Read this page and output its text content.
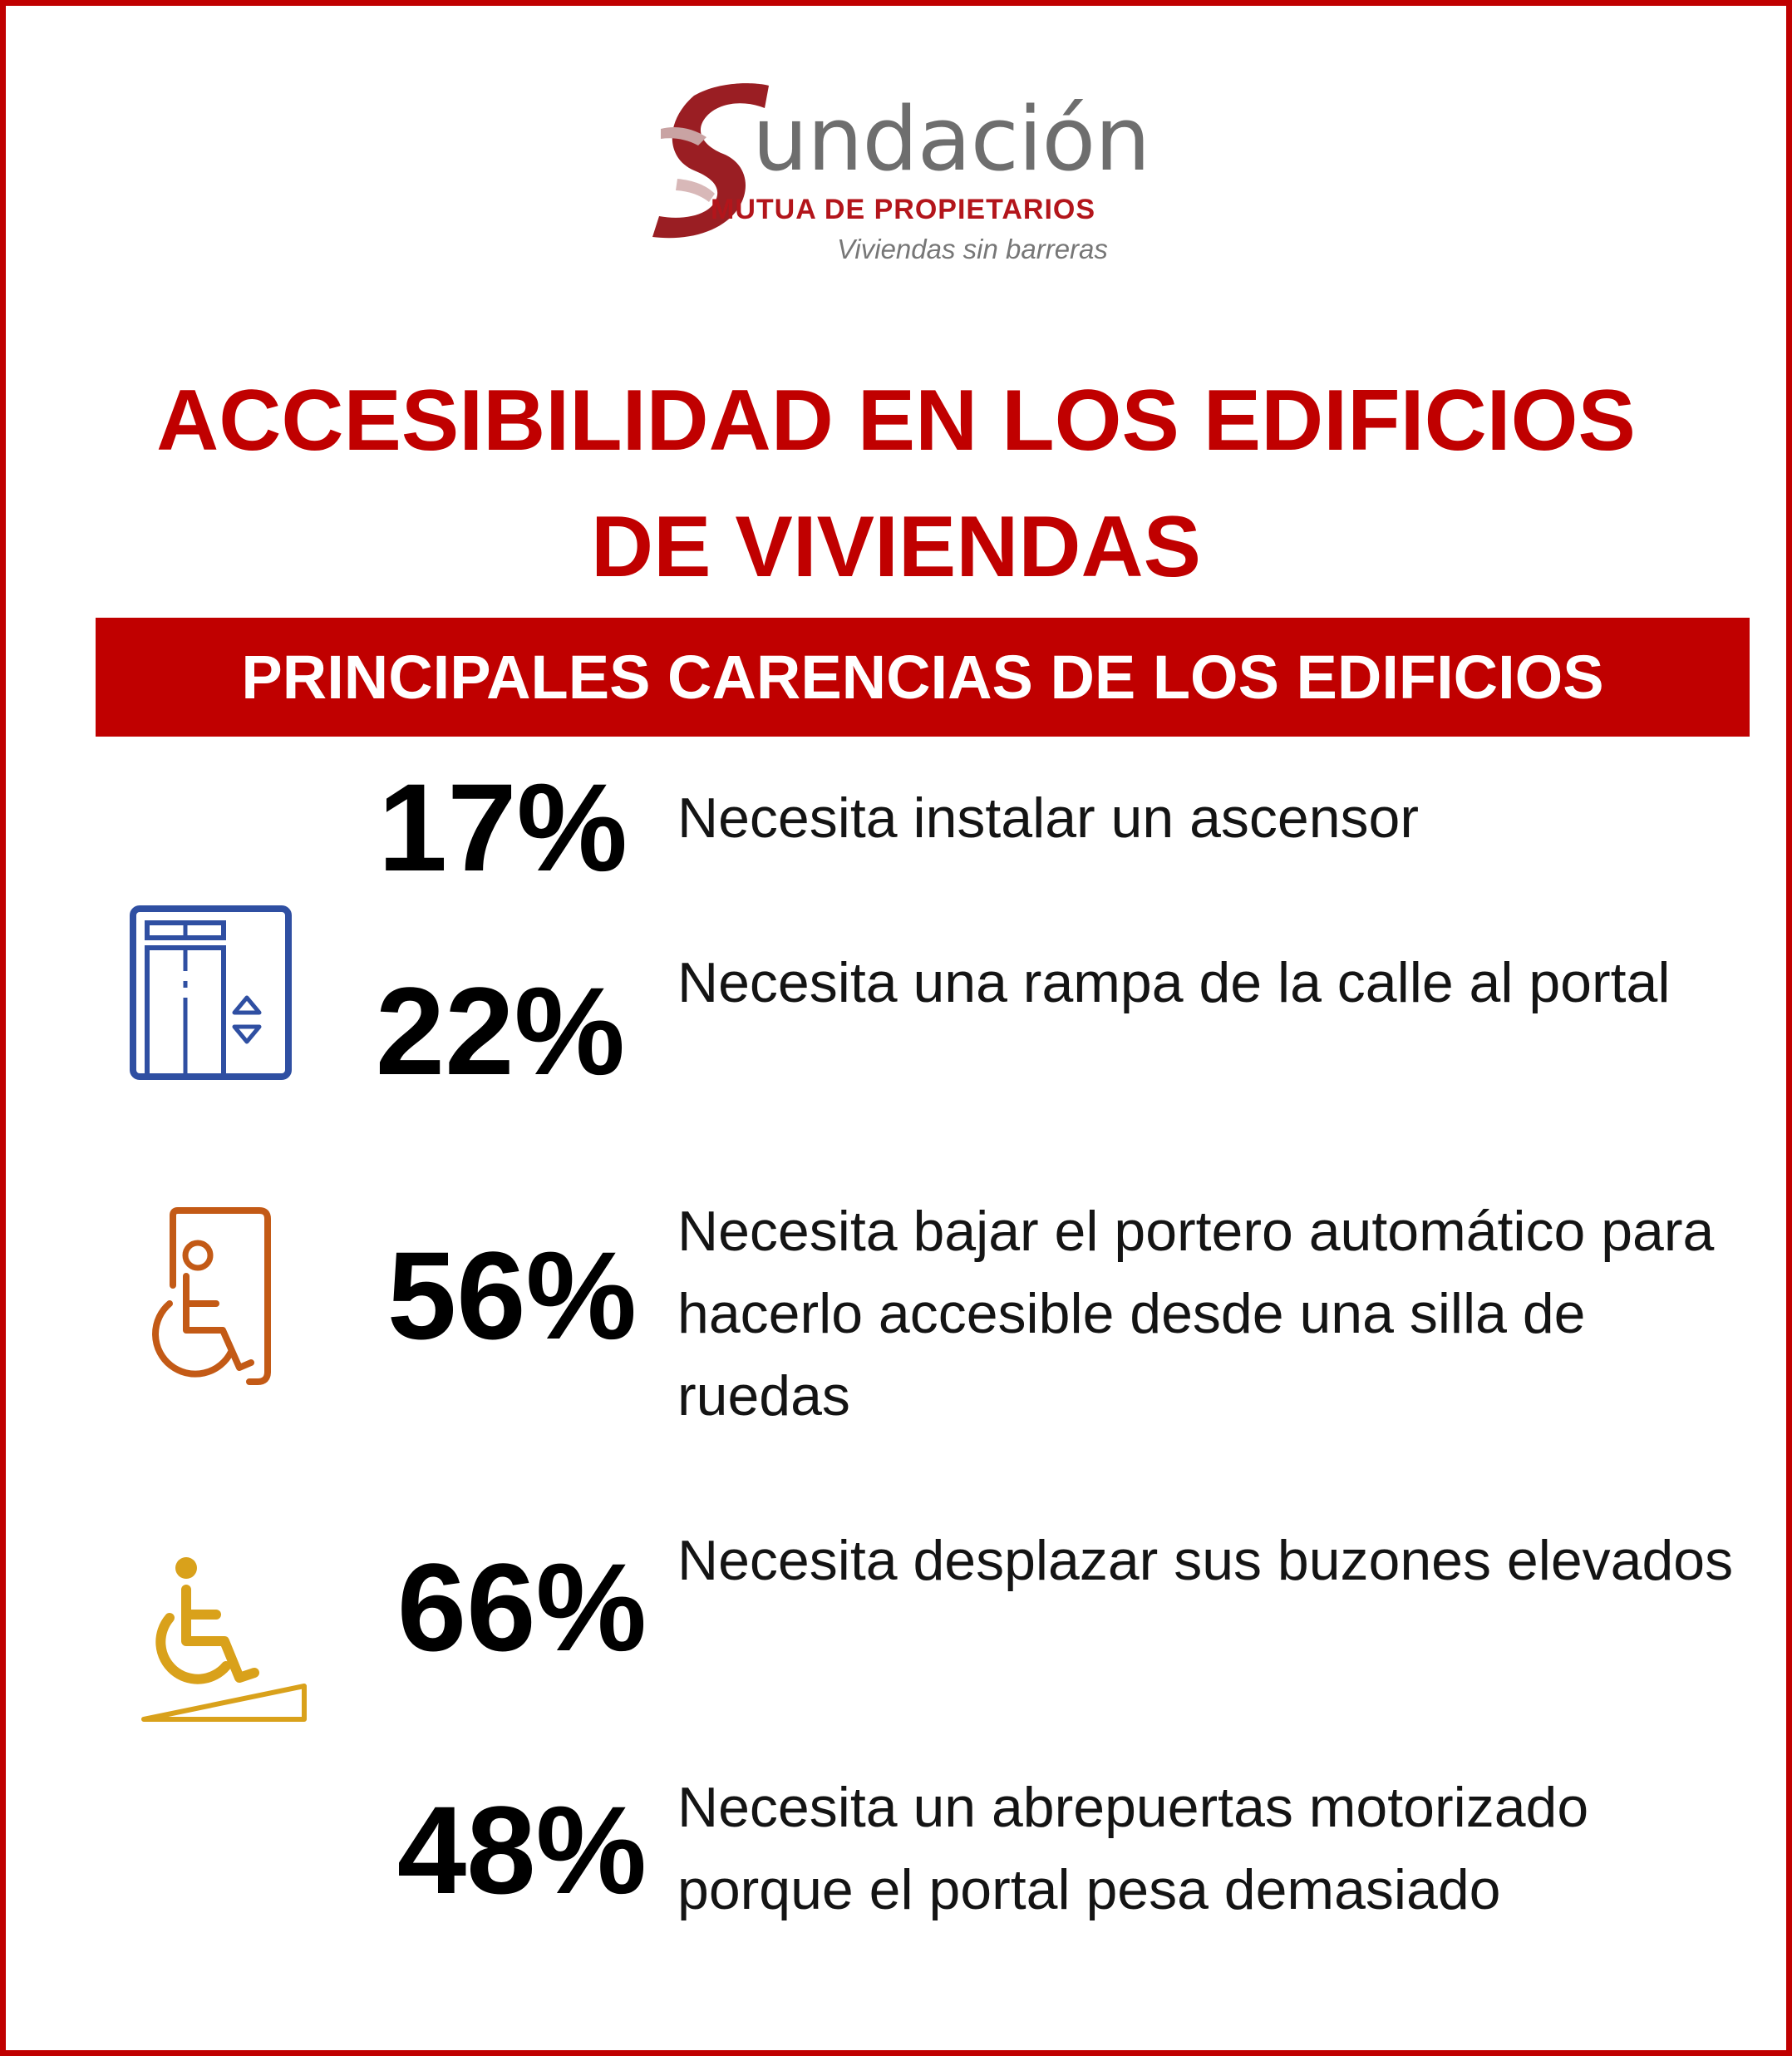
undación
MUTUA DE PROPIETARIOS
Viviendas sin barreras
ACCESIBILIDAD EN LOS EDIFICIOS
DE VIVIENDAS
PRINCIPALES CARENCIAS DE LOS EDIFICIOS
17% Necesita instalar un ascensor
22% Necesita una rampa de la calle al portal
56% Necesita bajar el portero automático para hacerlo accesible desde una silla de ruedas
66% Necesita desplazar sus buzones elevados
48% Necesita un abrepuertas motorizado porque el portal pesa demasiado
